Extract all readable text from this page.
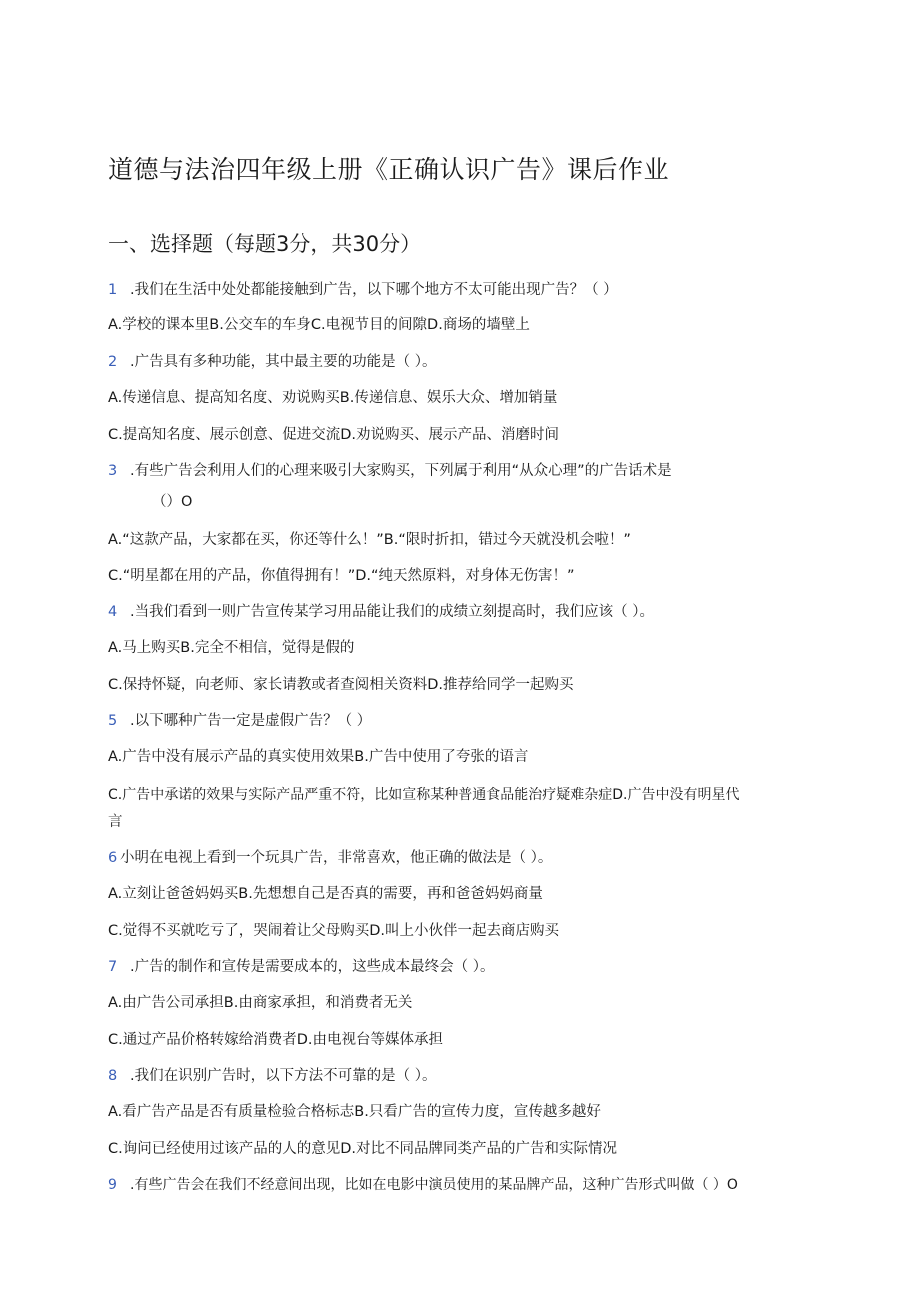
道德与法治四年级上册《正确认识广告》课后作业
一、选择题（每题3分，共30分）
1 .我们在生活中处处都能接触到广告，以下哪个地方不太可能出现广告？（ ）
A.学校的课本里B.公交车的车身C.电视节目的间隙D.商场的墙壁上
2 .广告具有多种功能，其中最主要的功能是（ ）。
A.传递信息、提高知名度、劝说购买B.传递信息、娱乐大众、增加销量
C.提高知名度、展示创意、促进交流D.劝说购买、展示产品、消磨时间
3 .有些广告会利用人们的心理来吸引大家购买，下列属于利用“从众心理”的广告话术是
（）O
A.“这款产品，大家都在买，你还等什么！”B.“限时折扣，错过今天就没机会啦！”
C.“明星都在用的产品，你值得拥有！”D.“纯天然原料，对身体无伤害！”
4 .当我们看到一则广告宣传某学习用品能让我们的成绩立刻提高时，我们应该（ ）。
A.马上购买B.完全不相信，觉得是假的
C.保持怀疑，向老师、家长请教或者查阅相关资料D.推荐给同学一起购买
5 .以下哪种广告一定是虚假广告？（ ）
A.广告中没有展示产品的真实使用效果B.广告中使用了夸张的语言
C.广告中承诺的效果与实际产品严重不符，比如宣称某种普通食品能治疗疑难杂症D.广告中没有明星代
言
6 小明在电视上看到一个玩具广告，非常喜欢，他正确的做法是（ ）。
A.立刻让爸爸妈妈买B.先想想自己是否真的需要，再和爸爸妈妈商量
C.觉得不买就吃亏了，哭闹着让父母购买D.叫上小伙伴一起去商店购买
7 .广告的制作和宣传是需要成本的，这些成本最终会（ ）。
A.由广告公司承担B.由商家承担，和消费者无关
C.通过产品价格转嫁给消费者D.由电视台等媒体承担
8 .我们在识别广告时，以下方法不可靠的是（ ）。
A.看广告产品是否有质量检验合格标志B.只看广告的宣传力度，宣传越多越好
C.询问已经使用过该产品的人的意见D.对比不同品牌同类产品的广告和实际情况
9 .有些广告会在我们不经意间出现，比如在电影中演员使用的某品牌产品，这种广告形式叫做（ ）O
